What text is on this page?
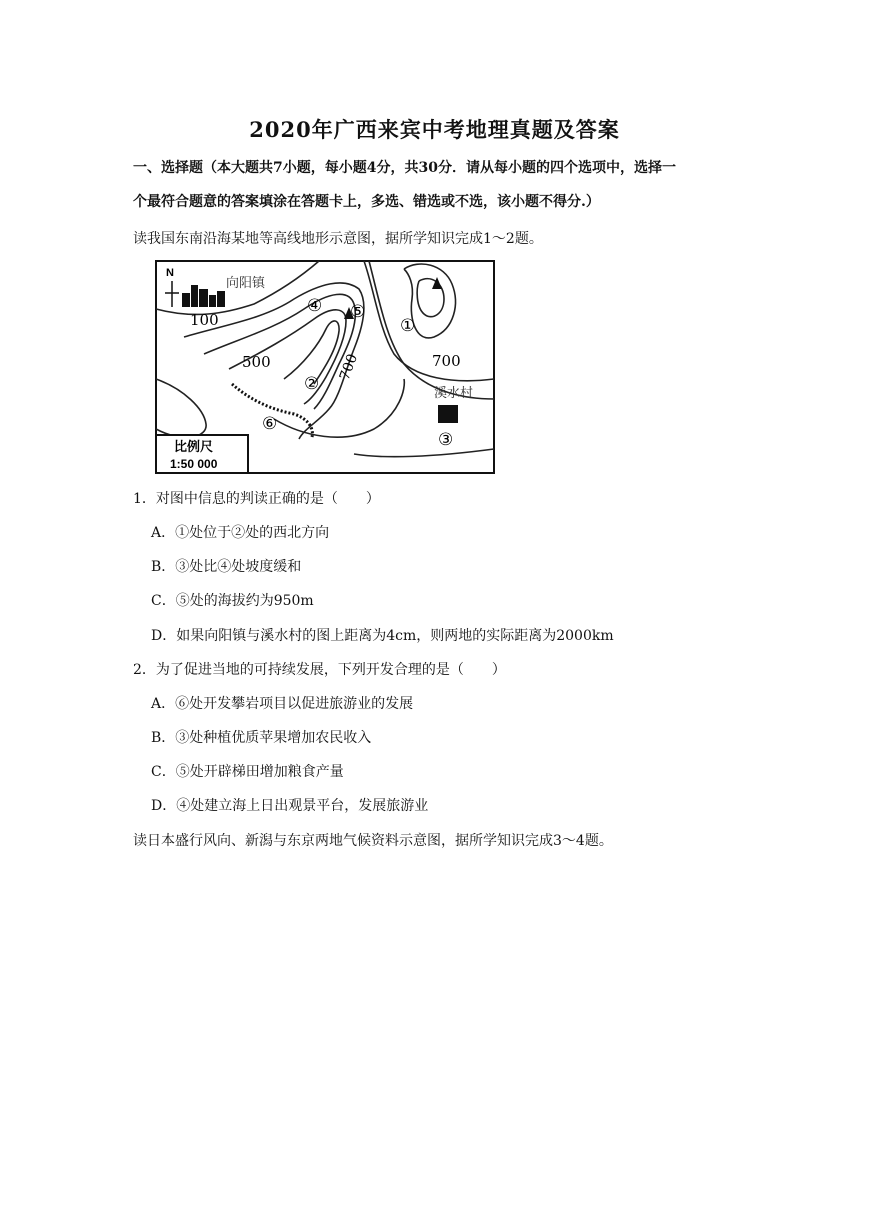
2020年广西来宾中考地理真题及答案
一、选择题（本大题共7小题，每小题4分，共30分．请从每小题的四个选项中，选择一
个最符合题意的答案填涂在答题卡上，多选、错选或不选，该小题不得分.）
读我国东南沿海某地等高线地形示意图，据所学知识完成1～2题。
N
向阳镇
溪水村
100
500	700	700
①
②
③
④ ⑤
⑥
比例尺
1:50 000
1．对图中信息的判读正确的是（　　）
A．①处位于②处的西北方向
B．③处比④处坡度缓和
C．⑤处的海拔约为950m
D．如果向阳镇与溪水村的图上距离为4cm，则两地的实际距离为2000km
2．为了促进当地的可持续发展，下列开发合理的是（　　）
A．⑥处开发攀岩项目以促进旅游业的发展
B．③处种植优质苹果增加农民收入
C．⑤处开辟梯田增加粮食产量
D．④处建立海上日出观景平台，发展旅游业
读日本盛行风向、新潟与东京两地气候资料示意图，据所学知识完成3～4题。
